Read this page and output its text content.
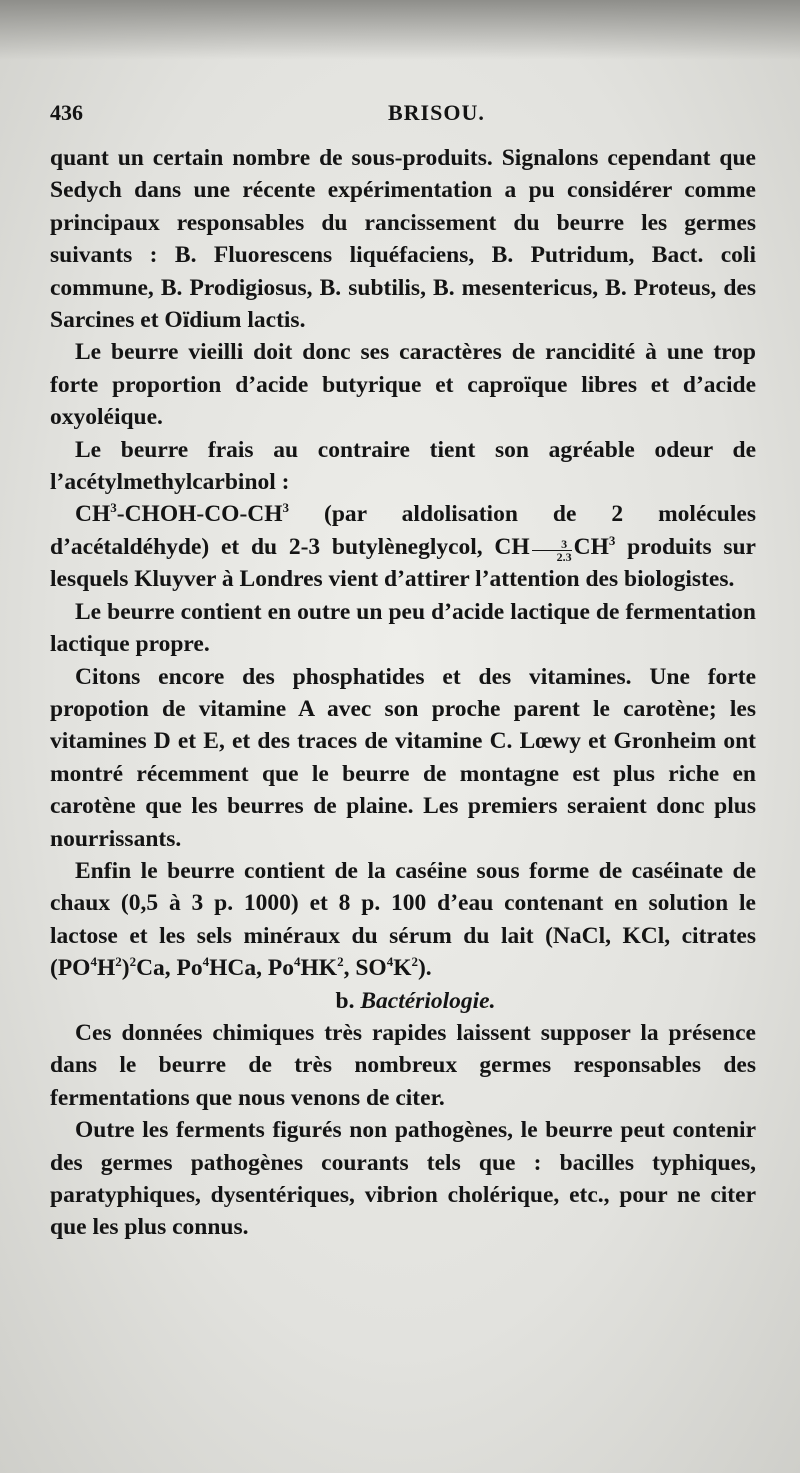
436	BRISOU.

quant un certain nombre de sous-produits. Signalons cependant que Sedych dans une récente expérimentation a pu considérer comme principaux responsables du rancissement du beurre les germes suivants : B. Fluorescens liquéfaciens, B. Putridum, Bact. coli commune, B. Prodigiosus, B. subtilis, B. mesentericus, B. Proteus, des Sarcines et Oïdium lactis.

Le beurre vieilli doit donc ses caractères de rancidité à une trop forte proportion d’acide butyrique et caproïque libres et d’acide oxyoléique.

Le beurre frais au contraire tient son agréable odeur de l’acétylmethylcarbinol :

$CH^3-CHOH-CO-CH^3$ (par aldolisation de 2 molécules d’acétaldéhyde) et du 2-3 butylèneglycol, CH $\frac{3}{2.3} CH^3$ produits sur lesquels Kluyver à Londres vient d’attirer l’attention des biologistes.

Le beurre contient en outre un peu d’acide lactique de fermentation lactique propre.

Citons encore des phosphatides et des vitamines. Une forte propotion de vitamine A avec son proche parent le carotène; les vitamines D et E, et des traces de vitamine C. Lœwy et Gronheim ont montré récemment que le beurre de montagne est plus riche en carotène que les beurres de plaine. Les premiers seraient donc plus nourrissants.

Enfin le beurre contient de la caséine sous forme de caséinate de chaux (0,5 à 3 p. 1000) et 8 p. 100 d’eau contenant en solution le lactose et les sels minéraux du sérum du lait (NaCl, KCl, citrates $(PO^4H^2)^2Ca$, Po$^4$HCa, $Po^4HK^2$, $SO^4K^2$).

b. Bactériologie.

Ces données chimiques très rapides laissent supposer la présence dans le beurre de très nombreux germes responsables des fermentations que nous venons de citer.

Outre les ferments figurés non pathogènes, le beurre peut contenir des germes pathogènes courants tels que : bacilles typhiques, paratyphiques, dysentériques, vibrion cholérique, etc., pour ne citer que les plus connus.
